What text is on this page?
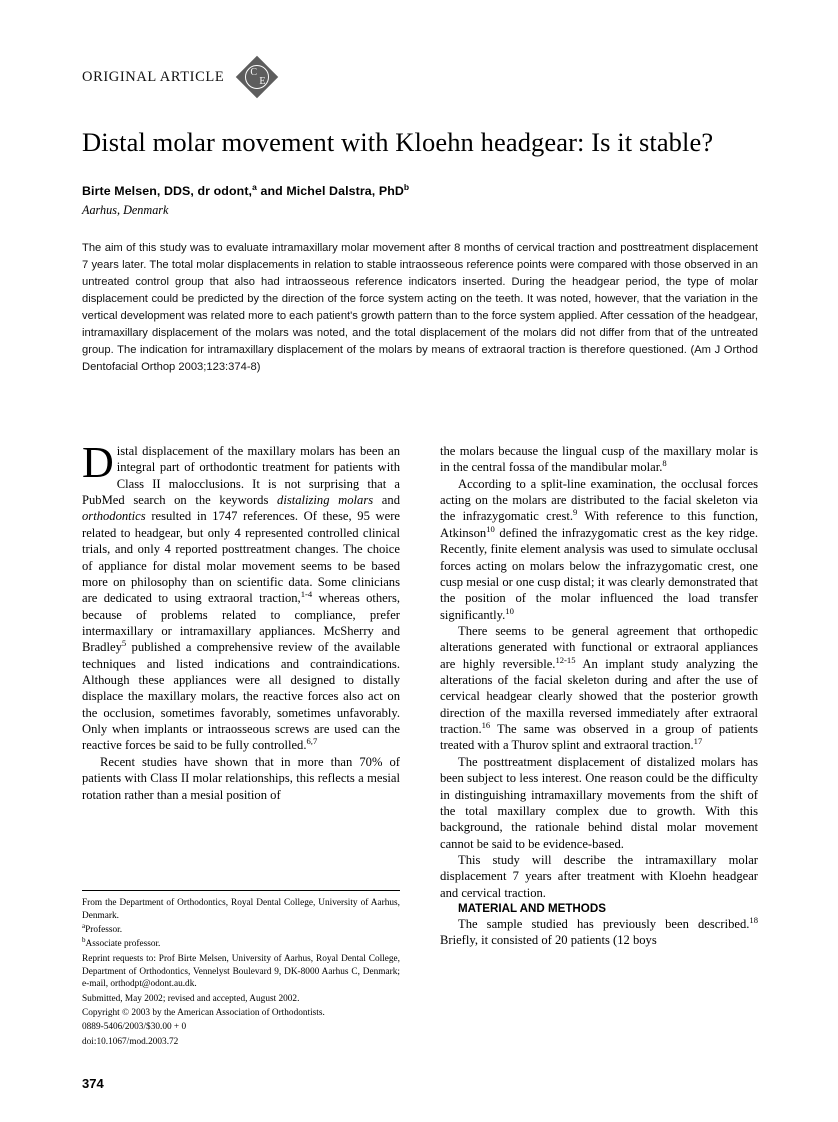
ORIGINAL ARTICLE	C
E
Distal molar movement with Kloehn headgear: Is it stable?
Birte Melsen, DDS, dr odont,$^a$ and Michel Dalstra, PhD$^b$
Aarhus, Denmark
The aim of this study was to evaluate intramaxillary molar movement after 8 months of cervical traction and posttreatment displacement 7 years later. The total molar displacements in relation to stable intraosseous reference points were compared with those observed in an untreated control group that also had intraosseous reference indicators inserted. During the headgear period, the type of molar displacement could be predicted by the direction of the force system acting on the teeth. It was noted, however, that the variation in the vertical development was related more to each patient's growth pattern than to the force system applied. After cessation of the headgear, intramaxillary displacement of the molars was noted, and the total displacement of the molars did not differ from that of the untreated group. The indication for intramaxillary displacement of the molars by means of extraoral traction is therefore questioned. (Am J Orthod Dentofacial Orthop 2003;123:374-8)

Distal displacement of the maxillary molars has been an integral part of orthodontic treatment for patients with Class II malocclusions. It is not surprising that a PubMed search on the keywords distalizing molars and orthodontics resulted in 1747 references. Of these, 95 were related to headgear, but only 4 represented controlled clinical trials, and only 4 reported posttreatment changes. The choice of appliance for distal molar movement seems to be based more on philosophy than on scientific data. Some clinicians are dedicated to using extraoral traction,$^{1-4}$ whereas others, because of problems related to compliance, prefer intermaxillary or intramaxillary appliances. McSherry and Bradley$^5$ published a comprehensive review of the available techniques and listed indications and contraindications. Although these appliances were all designed to distally displace the maxillary molars, the reactive forces also act on the occlusion, sometimes favorably, sometimes unfavorably. Only when implants or intraosseous screws are used can the reactive forces be said to be fully controlled.$^{6,7}$

Recent studies have shown that in more than 70% of patients with Class II molar relationships, this reflects a mesial rotation rather than a mesial position of

the molars because the lingual cusp of the maxillary molar is in the central fossa of the mandibular molar.$^8$

According to a split-line examination, the occlusal forces acting on the molars are distributed to the facial skeleton via the infrazygomatic crest.$^9$ With reference to this function, Atkinson$^{10}$ defined the infrazygomatic crest as the key ridge. Recently, finite element analysis was used to simulate occlusal forces acting on molars below the infrazygomatic crest, one cusp mesial or one cusp distal; it was clearly demonstrated that the position of the molar influenced the load transfer significantly.$^{10}$

There seems to be general agreement that orthopedic alterations generated with functional or extraoral appliances are highly reversible.$^{12-15}$ An implant study analyzing the alterations of the facial skeleton during and after the use of cervical headgear clearly showed that the posterior growth direction of the maxilla reversed immediately after extraoral traction.$^{16}$ The same was observed in a group of patients treated with a Thurov splint and extraoral traction.$^{17}$

The posttreatment displacement of distalized molars has been subject to less interest. One reason could be the difficulty in distinguishing intramaxillary movements from the shift of the total maxillary complex due to growth. With this background, the rationale behind distal molar movement cannot be said to be evidence-based.

This study will describe the intramaxillary molar displacement 7 years after treatment with Kloehn headgear and cervical traction.

MATERIAL AND METHODS

The sample studied has previously been described.$^{18}$ Briefly, it consisted of 20 patients (12 boys

From the Department of Orthodontics, Royal Dental College, University of Aarhus, Denmark.

$^a$Professor.

$^b$Associate professor.

Reprint requests to: Prof Birte Melsen, University of Aarhus, Royal Dental College, Department of Orthodontics, Vennelyst Boulevard 9, DK-8000 Aarhus C, Denmark; e-mail, orthodpt@odont.au.dk.

Submitted, May 2002; revised and accepted, August 2002.

Copyright © 2003 by the American Association of Orthodontists.

0889-5406/2003/$30.00 + 0

doi:10.1067/mod.2003.72

374
